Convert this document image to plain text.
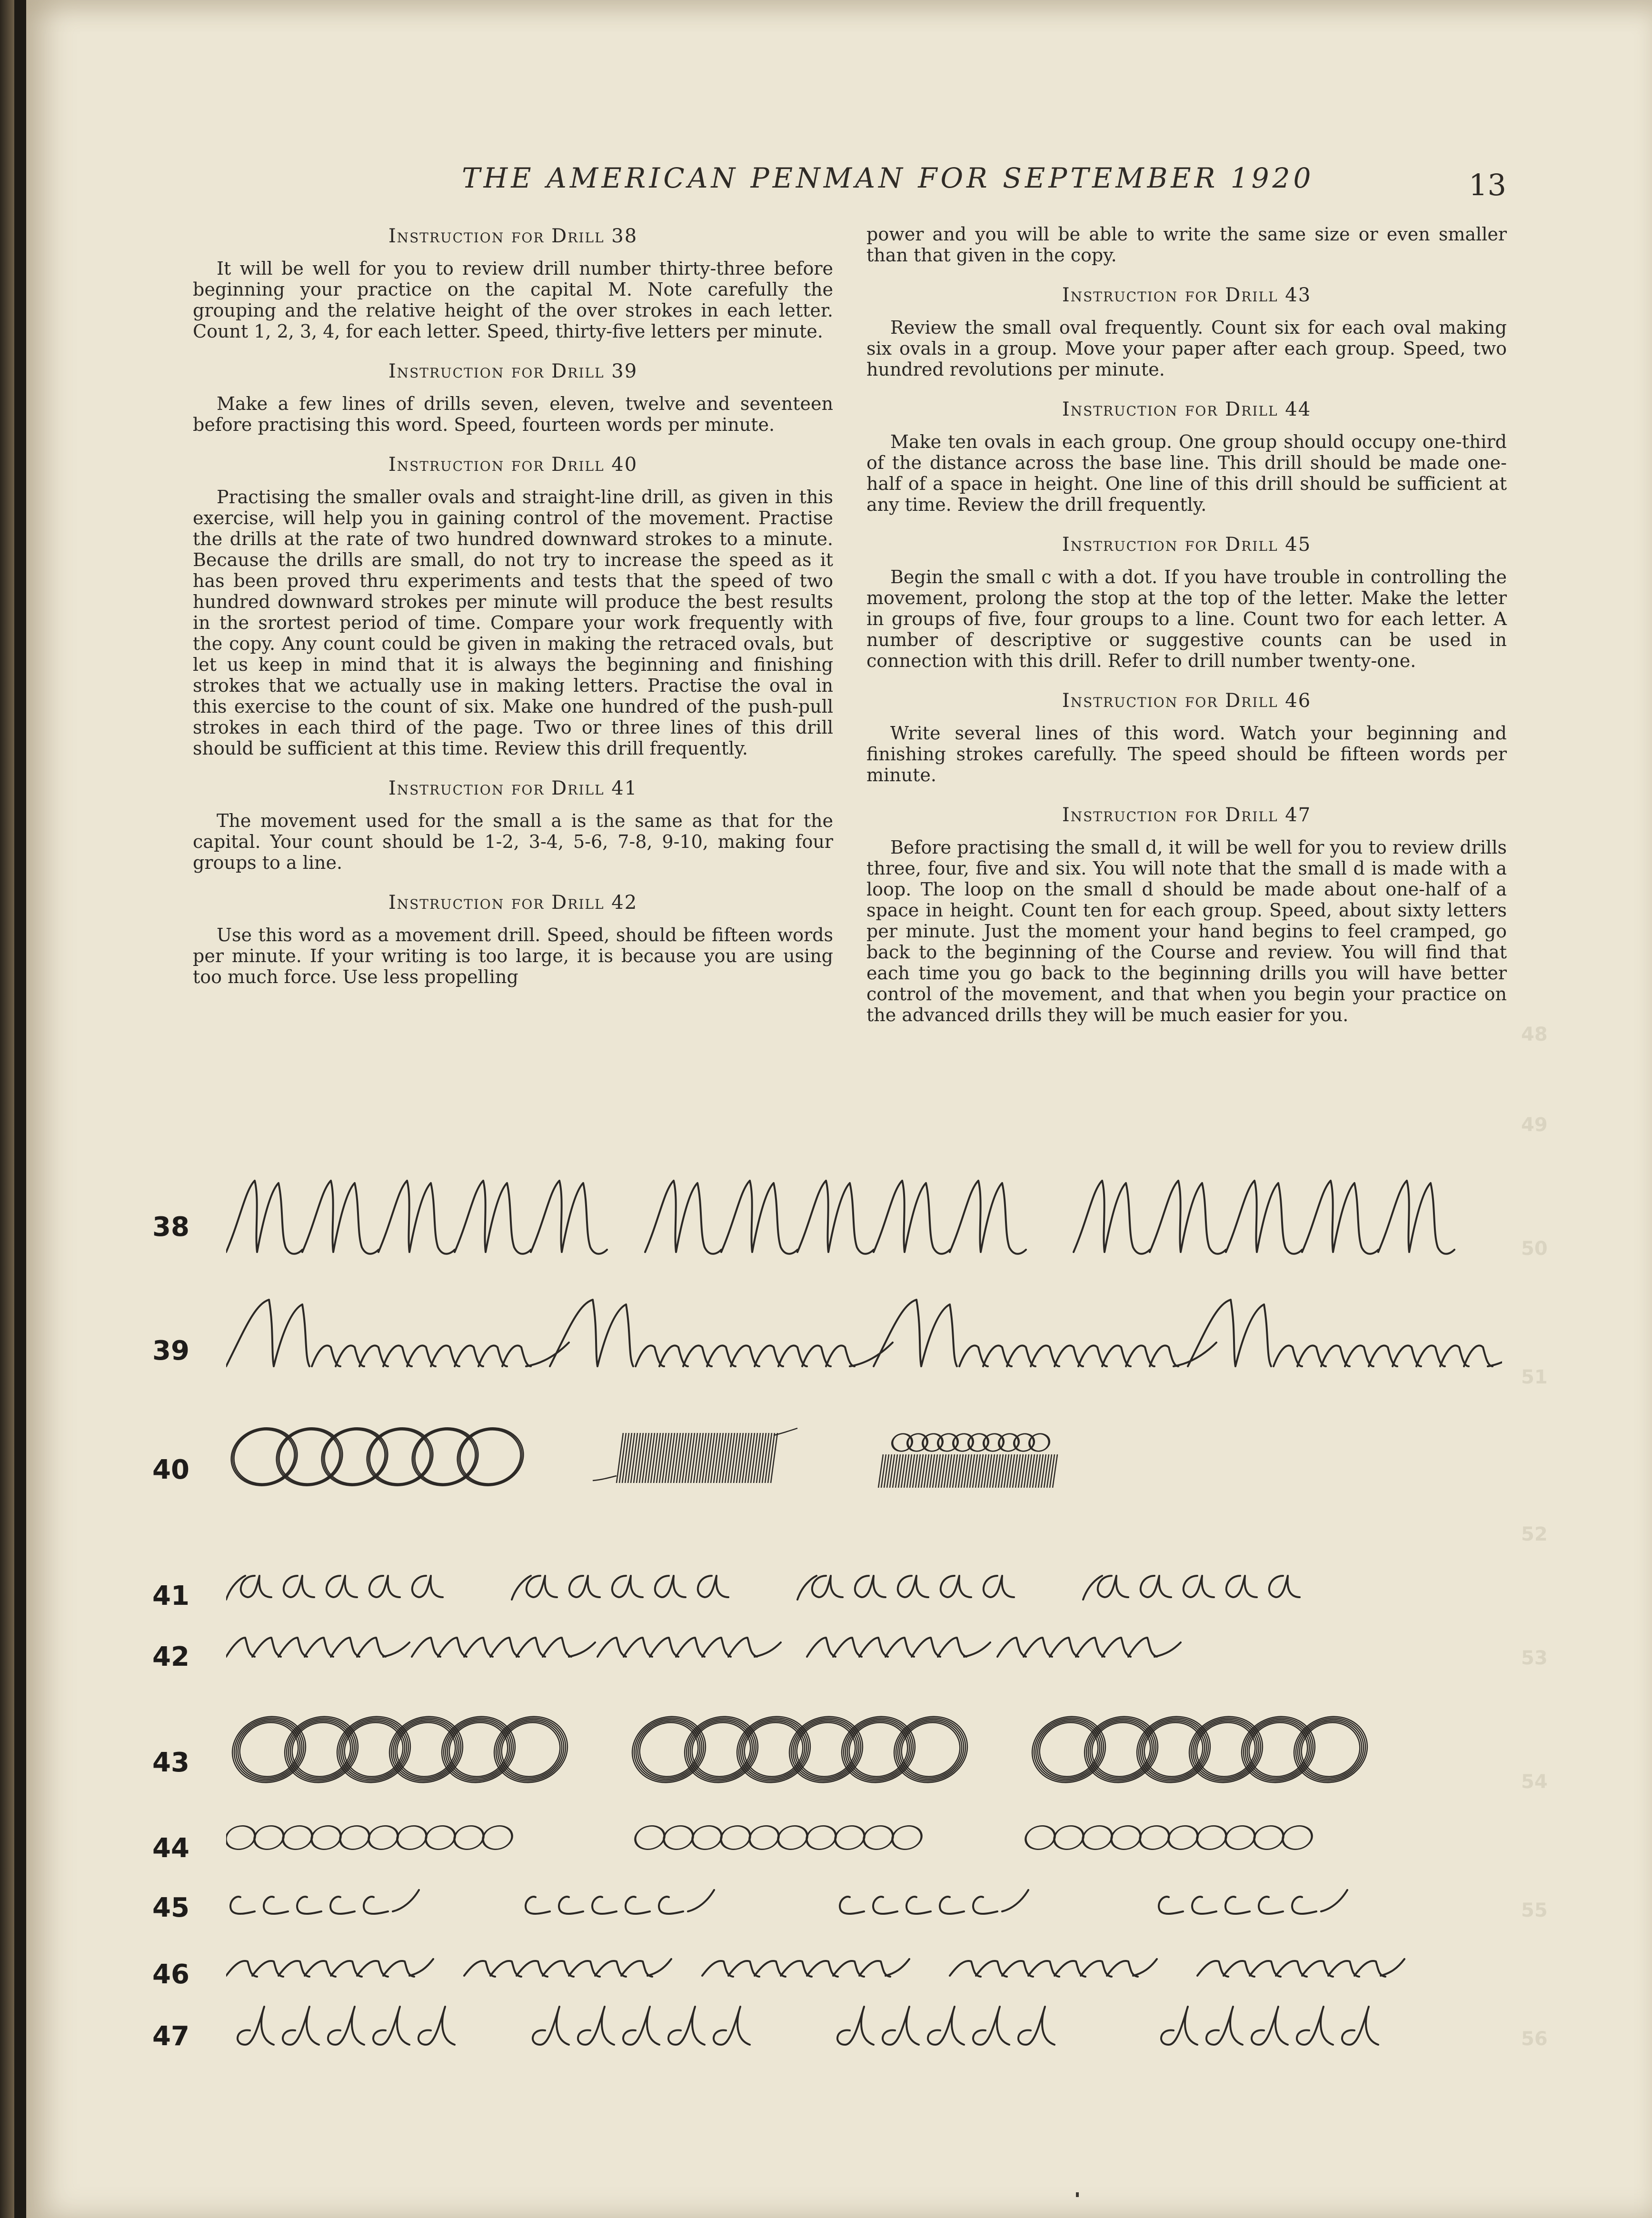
THE AMERICAN PENMAN FOR SEPTEMBER 1920	13

Instruction for Drill 38

It will be well for you to review drill number thirty-three before beginning your practice on the capital M. Note carefully the grouping and the relative height of the over strokes in each letter. Count 1, 2, 3, 4, for each letter. Speed, thirty-five letters per minute.

Instruction for Drill 39

Make a few lines of drills seven, eleven, twelve and seventeen before practising this word. Speed, fourteen words per minute.

Instruction for Drill 40

Practising the smaller ovals and straight-line drill, as given in this exercise, will help you in gaining control of the movement. Practise the drills at the rate of two hundred downward strokes to a minute. Because the drills are small, do not try to increase the speed as it has been proved thru experiments and tests that the speed of two hundred downward strokes per minute will produce the best results in the srortest period of time. Compare your work frequently with the copy. Any count could be given in making the retraced ovals, but let us keep in mind that it is always the beginning and finishing strokes that we actually use in making letters. Practise the oval in this exercise to the count of six. Make one hundred of the push-pull strokes in each third of the page. Two or three lines of this drill should be sufficient at this time. Review this drill frequently.

Instruction for Drill 41

The movement used for the small a is the same as that for the capital. Your count should be 1-2, 3-4, 5-6, 7-8, 9-10, making four groups to a line.

Instruction for Drill 42

Use this word as a movement drill. Speed, should be fifteen words per minute. If your writing is too large, it is because you are using too much force. Use less propelling

power and you will be able to write the same size or even smaller than that given in the copy.

Instruction for Drill 43

Review the small oval frequently. Count six for each oval making six ovals in a group. Move your paper after each group. Speed, two hundred revolutions per minute.

Instruction for Drill 44

Make ten ovals in each group. One group should occupy one-third of the distance across the base line. This drill should be made one-half of a space in height. One line of this drill should be sufficient at any time. Review the drill frequently.

Instruction for Drill 45

Begin the small c with a dot. If you have trouble in controlling the movement, prolong the stop at the top of the letter. Make the letter in groups of five, four groups to a line. Count two for each letter. A number of descriptive or suggestive counts can be used in connection with this drill. Refer to drill number twenty-one.

Instruction for Drill 46

Write several lines of this word. Watch your beginning and finishing strokes carefully. The speed should be fifteen words per minute.

Instruction for Drill 47

Before practising the small d, it will be well for you to review drills three, four, five and six. You will note that the small d is made with a loop. The loop on the small d should be made about one-half of a space in height. Count ten for each group. Speed, about sixty letters per minute. Just the moment your hand begins to feel cramped, go back to the beginning of the Course and review. You will find that each time you go back to the beginning drills you will have better control of the movement, and that when you begin your practice on the advanced drills they will be much easier for you.

38
39
40
41
42
43
44
45
46
47
48
49
50
51
52
53
54
55
56
